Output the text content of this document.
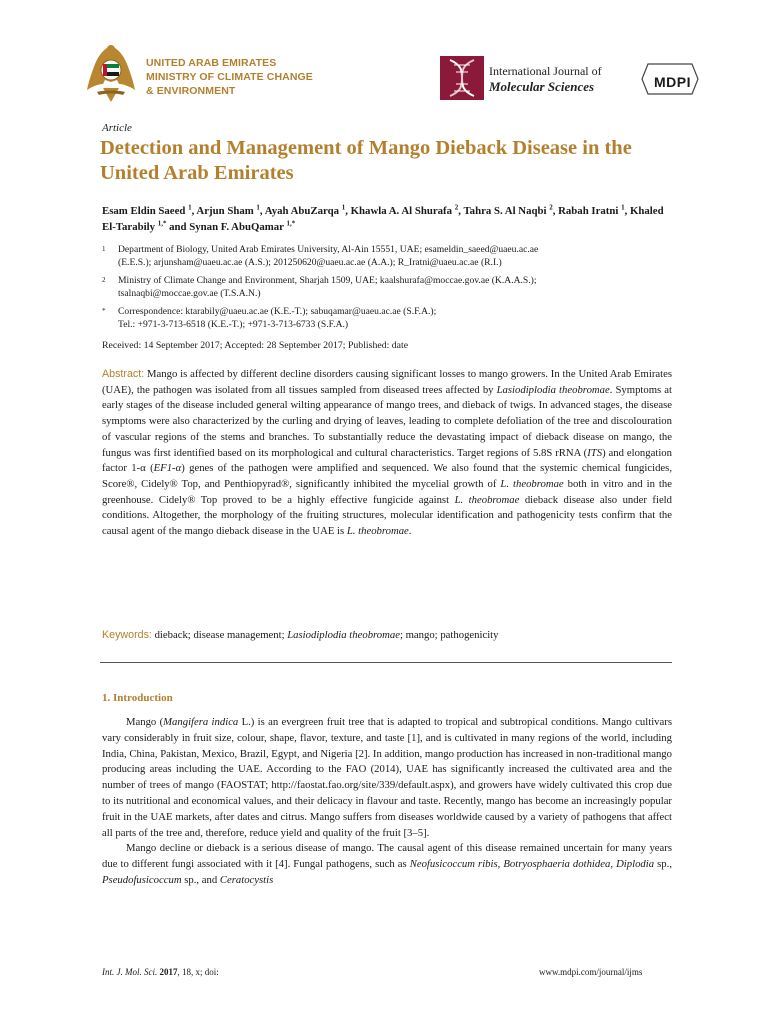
UNITED ARAB EMIRATES
MINISTRY OF CLIMATE CHANGE
& ENVIRONMENT
International Journal of
Molecular Sciences	MDPI
Article
Detection and Management of Mango Dieback Disease in the United Arab Emirates
Esam Eldin Saeed $^1$, Arjun Sham $^1$, Ayah AbuZarqa $^1$, Khawla A. Al Shurafa $^2$, Tahra S. Al Naqbi $^2$, Rabah Iratni $^1$, Khaled El-Tarabily $^{1,*}$ and Synan F. AbuQamar $^{1,*}$
1 Department of Biology, United Arab Emirates University, Al-Ain 15551, UAE; esameldin_saeed@uaeu.ac.ae
(E.E.S.); arjunsham@uaeu.ac.ae (A.S.); 201250620@uaeu.ac.ae (A.A.); R_Iratni@uaeu.ac.ae (R.I.)
2 Ministry of Climate Change and Environment, Sharjah 1509, UAE; kaalshurafa@moccae.gov.ae (K.A.A.S.);
tsalnaqbi@moccae.gov.ae (T.S.A.N.)
* Correspondence: ktarabily@uaeu.ac.ae (K.E.-T.); sabuqamar@uaeu.ac.ae (S.F.A.);
Tel.: +971-3-713-6518 (K.E.-T.); +971-3-713-6733 (S.F.A.)
Received: 14 September 2017; Accepted: 28 September 2017; Published: date
Abstract: Mango is affected by different decline disorders causing significant losses to mango growers. In the United Arab Emirates (UAE), the pathogen was isolated from all tissues sampled from diseased trees affected by Lasiodiplodia theobromae. Symptoms at early stages of the disease included general wilting appearance of mango trees, and dieback of twigs. In advanced stages, the disease symptoms were also characterized by the curling and drying of leaves, leading to complete defoliation of the tree and discolouration of vascular regions of the stems and branches. To substantially reduce the devastating impact of dieback disease on mango, the fungus was first identified based on its morphological and cultural characteristics. Target regions of 5.8S rRNA (ITS) and elongation factor 1-α (EF1-α) genes of the pathogen were amplified and sequenced. We also found that the systemic chemical fungicides, Score®, Cidely® Top, and Penthiopyrad®, significantly inhibited the mycelial growth of L. theobromae both in vitro and in the greenhouse. Cidely® Top proved to be a highly effective fungicide against L. theobromae dieback disease also under field conditions. Altogether, the morphology of the fruiting structures, molecular identification and pathogenicity tests confirm that the causal agent of the mango dieback disease in the UAE is L. theobromae.
Keywords: dieback; disease management; Lasiodiplodia theobromae; mango; pathogenicity
1. Introduction

Mango (Mangifera indica L.) is an evergreen fruit tree that is adapted to tropical and subtropical conditions. Mango cultivars vary considerably in fruit size, colour, shape, flavor, texture, and taste [1], and is cultivated in many regions of the world, including India, China, Pakistan, Mexico, Brazil, Egypt, and Nigeria [2]. In addition, mango production has increased in non-traditional mango producing areas including the UAE. According to the FAO (2014), UAE has significantly increased the cultivated area and the number of trees of mango (FAOSTAT; http://faostat.fao.org/site/339/default.aspx), and growers have widely cultivated this crop due to its nutritional and economical values, and their delicacy in flavour and taste. Recently, mango has become an increasingly popular fruit in the UAE markets, after dates and citrus. Mango suffers from diseases worldwide caused by a variety of pathogens that affect all parts of the tree and, therefore, reduce yield and quality of the fruit [3–5].

Mango decline or dieback is a serious disease of mango. The causal agent of this disease remained uncertain for many years due to different fungi associated with it [4]. Fungal pathogens, such as Neofusicoccum ribis, Botryosphaeria dothidea, Diplodia sp., Pseudofusicoccum sp., and Ceratocystis

Int. J. Mol. Sci. 2017, 18, x; doi:	www.mdpi.com/journal/ijms
